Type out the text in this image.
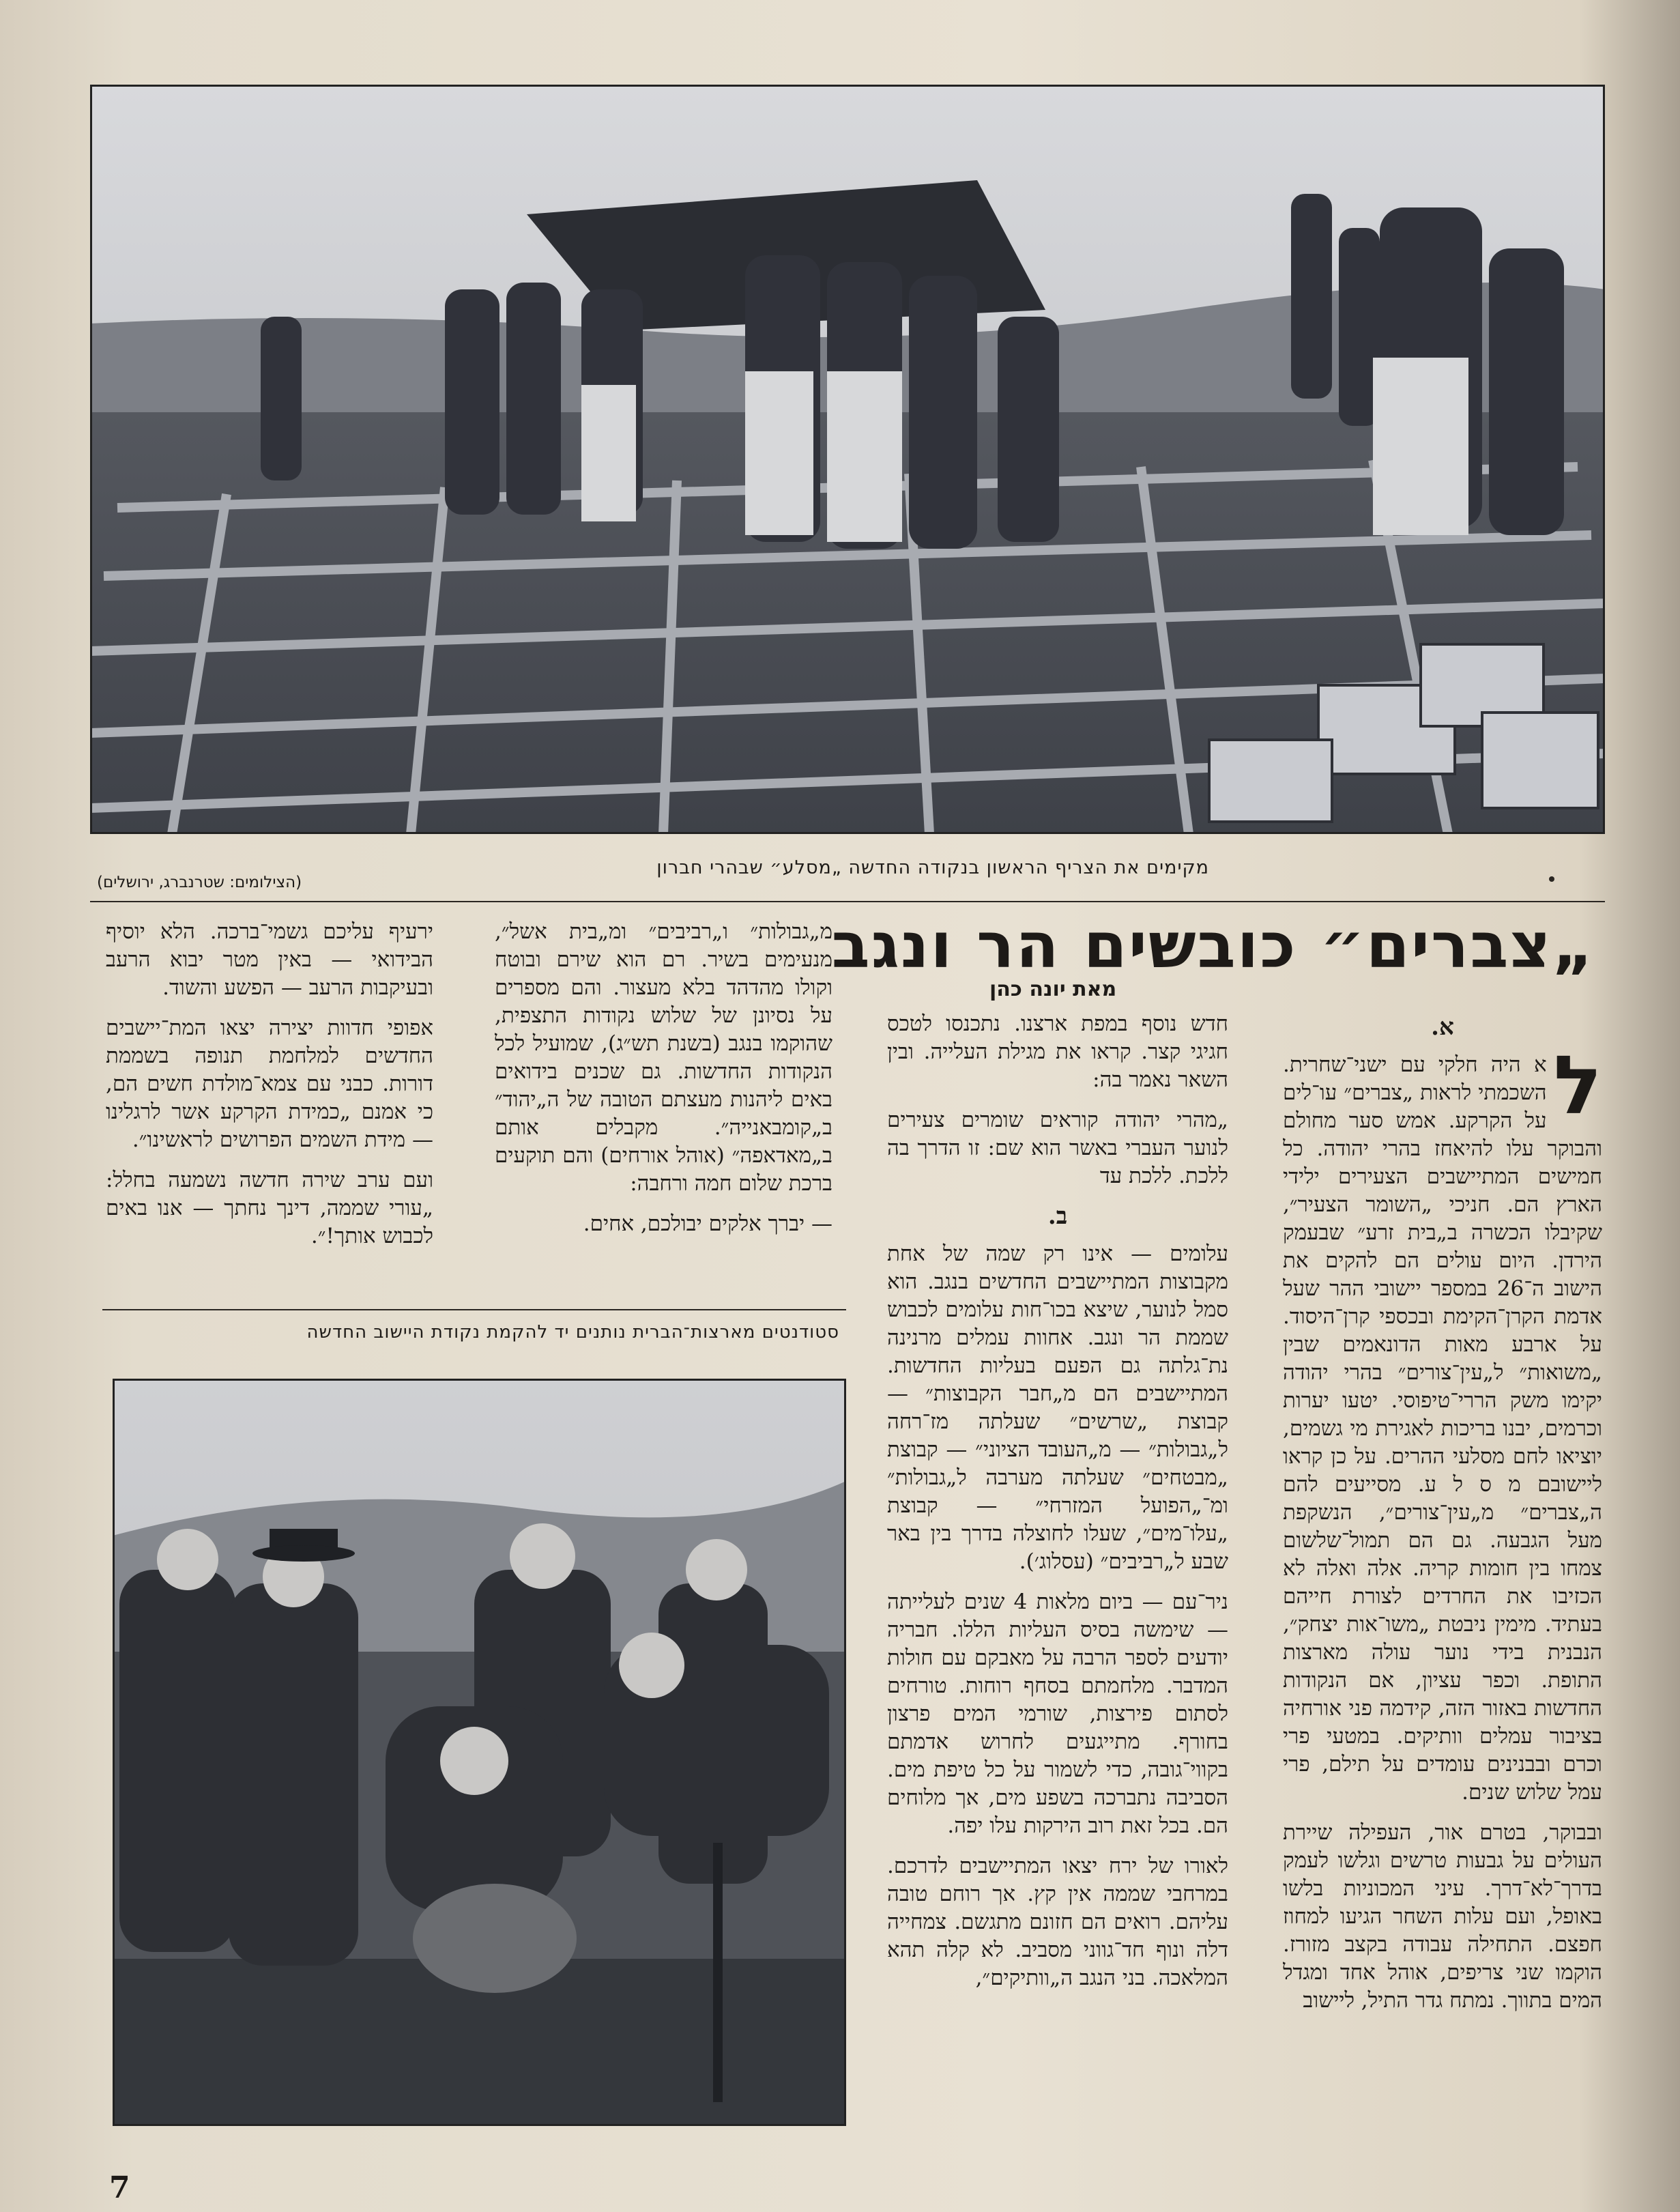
מקימים את הצריף הראשון בנקודה החדשה „מסלע״ שבהרי חברון
(הצילומים: שטרנברג, ירושלים)
„צברים״ כובשים הר ונגב
מאת יונה כהן
א.

ל
א היה חלקי עם ישני־שחרית. השכמתי לראות „צברים״ עו־לים על הקרקע. אמש סער מחולם והבוקר עלו להיאחז בהרי יהודה. כל חמישים המתיישבים הצעירים ילידי הארץ הם. חניכי „השומר הצעיר״, שקיבלו הכשרה ב„בית זרע״ שבעמק הירדן. היום עולים הם להקים את הישוב ה־26 במספר יישובי ההר שעל אדמת הקרן־הקימת ובכספי קרן־היסוד. על ארבע מאות הדונאמים שבין „משואות״ ל„עין־צורים״ בהרי יהודה יקימו משק הררי־טיפוסי. יטעו יערות וכרמים, יבנו בריכות לאגירת מי גשמים, יוציאו לחם מסלעי ההרים. על כן קראו ליישובם מ ס ל ע. מסייעים להם ה„צברים״ מ„עין־צורים״, הנשקפת מעל הגבעה. גם הם תמול־שלשום צמחו בין חומות קריה. אלה ואלה לא הכזיבו את החרדים לצורת חייהם בעתיד. מימין ניבטת „משו־אות יצחק״, הנבנית בידי נוער עולה מארצות התופת. וכפר עציון, אם הנקודות החדשות באזור הזה, קידמה פני אורחיה בציבור עמלים וותיקים. במטעי פרי וכרם ובבנינים עומדים על תילם, פרי עמל שלוש שנים.

ובבוקר, בטרם אור, העפילה שיירת העולים על גבעות טרשים וגלשו לעמק בדרך־לא־דרך. עיני המכוניות בלשו באופל, ועם עלות השחר הגיעו למחוז חפצם. התחילה עבודה בקצב מזורז. הוקמו שני צריפים, אוהל אחד ומגדל המים בתווך. נמתח גדר התיל, ליישוב

חדש נוסף במפת ארצנו. נתכנסו לטכס חגיגי קצר. קראו את מגילת העלייה. ובין השאר נאמר בה:

„מהרי יהודה קוראים שומרים צעירים לנוער העברי באשר הוא שם: זו הדרך בה ללכת. ללכת עד

ב.

עלומים — אינו רק שמה של אחת מקבוצות המתיישבים החדשים בנגב. הוא סמל לנוער, שיצא בכו־חות עלומים לכבוש שממת הר ונגב. אחוות עמלים מרנינה נת־גלתה גם הפעם בעליות החדשות. המתיישבים הם מ„חבר הקבוצות״ — קבוצת „שרשים״ שעלתה מז־רחה ל„גבולות״ — מ„העובד הציוני״ — קבוצת „מבטחים״ שעלתה מערבה ל„גבולות״ ומ־„הפועל המזרחי״ — קבוצת „עלו־מים״, שעלו לחוצלה בדרך בין באר שבע ל„רביבים״ (עסלוג׳).

ניר־עם — ביום מלאות 4 שנים לעלייתה — שימשה בסיס העליות הללו. חבריה יודעים לספר הרבה על מאבקם עם חולות המדבר. מלחמתם בסחף רוחות. טורחים לסתום פירצות, שורמי המים פרצון בחורף. מתייגעים לחרוש אדמתם בקווי־גובה, כדי לשמור על כל טיפת מים. הסביבה נתברכה בשפע מים, אך מלוחים הם. בכל זאת רוב הירקות עלו יפה.

לאורו של ירח יצאו המתיישבים לדרכם. במרחבי שממה אין קץ. אך רוחם טובה עליהם. רואים הם חזונם מתגשם. צמחייה דלה ונוף חד־גווני מסביב. לא קלה תהא המלאכה. בני הנגב ה„וותיקים״,

מ„גבולות״ ו„רביבים״ ומ„בית אשל״, מנעימים בשיר. רם הוא שירם ובוטח וקולו מהדהד בלא מעצור. והם מספרים על נסיונן של שלוש נקודות התצפית, שהוקמו בנגב (בשנת תש״ג), שמועיל לכל הנקודות החדשות. גם שכנים בידואים באים ליהנות מעצתם הטובה של ה„יהוד״ ב„קומבאנייה״. מקבלים אותם ב„מאדאפה״ (אוהל אורחים) והם תוקעים ברכת שלום חמה ורחבה:

— יברך אלקים יבולכם, אחים.

ירעיף עליכם גשמי־ברכה. הלא יוסיף הבידואי — באין מטר יבוא הרעב ובעיקבות הרעב — הפשע והשוד.

אפופי חדוות יצירה יצאו המת־יישבים החדשים למלחמת תנופה בשממת דורות. כבני עם צמא־מולדת חשים הם, כי אמנם „כמידת הקרקע אשר לרגלינו — מידת השמים הפרושים לראשינו״.

ועם ערב שירה חדשה נשמעה בחלל: „עורי שממה, דינך נחתך — אנו באים לכבוש אותך!״.

סטודנטים מארצות־הברית נותנים יד להקמת נקודת היישוב החדשה
7
